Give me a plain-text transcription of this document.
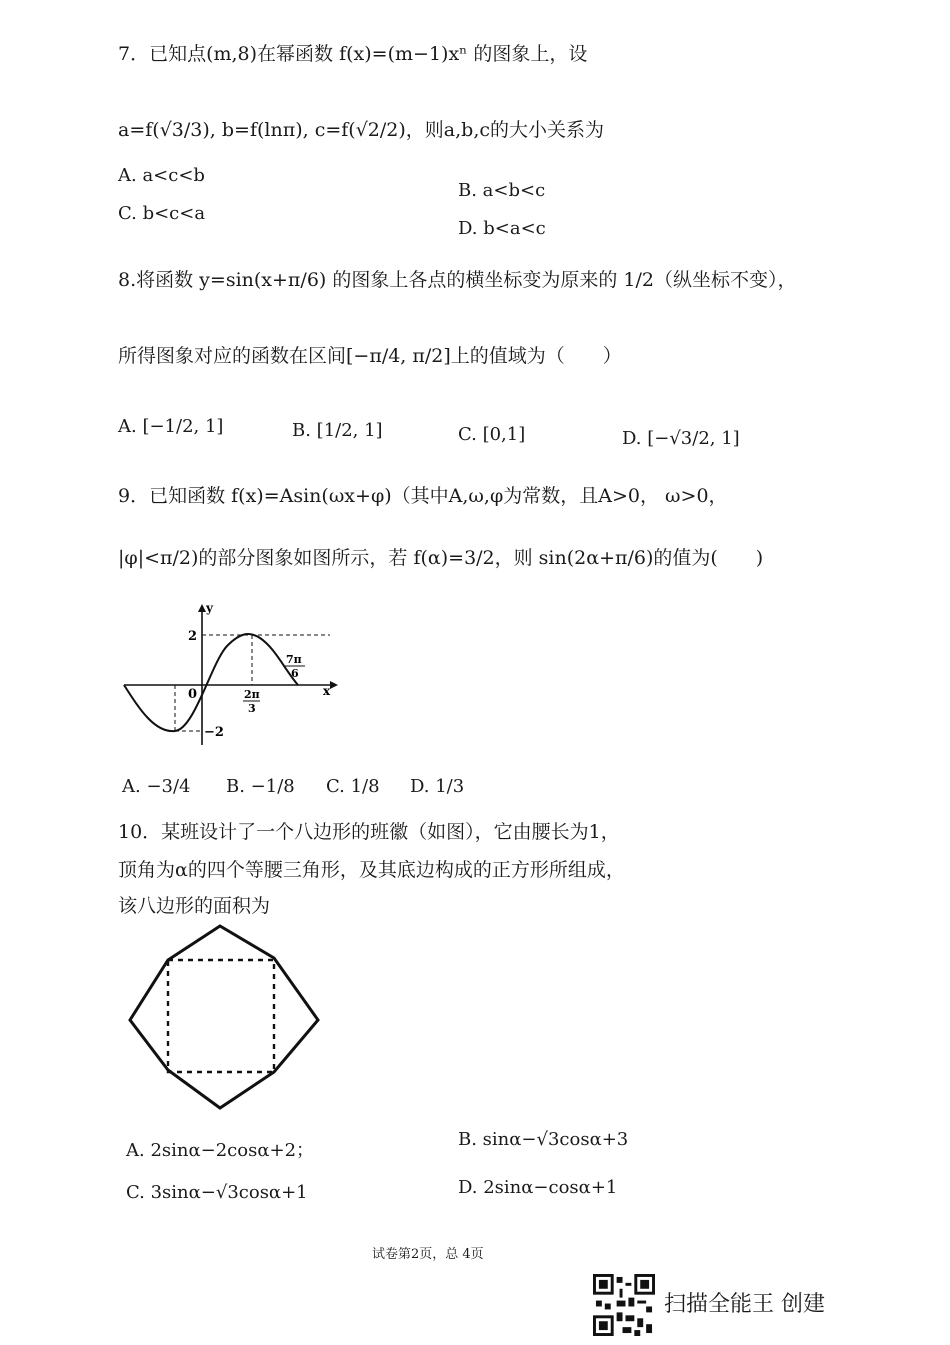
7．已知点(m,8)在幂函数 f(x)=(m−1)xⁿ 的图象上，设
a=f(√3/3), b=f(lnπ), c=f(√2/2)，则a,b,c的大小关系为
A. a<c<b
B. a<b<c
C. b<c<a
D. b<a<c
8.将函数 y=sin(x+π/6) 的图象上各点的横坐标变为原来的 1/2（纵坐标不变），
所得图象对应的函数在区间[−π/4, π/2]上的值域为（　　）
A. [−1/2, 1]	B. [1/2, 1]	C. [0,1]	D. [−√3/2, 1]
9．已知函数 f(x)=Asin(ωx+φ)（其中A,ω,φ为常数，且A>0， ω>0，
|φ|<π/2)的部分图象如图所示，若 f(α)=3/2，则 sin(2α+π/6)的值为(　　)
y
x
0
2
−2
2π
3
7π
6
A. −3/4 B. −1/8 C. 1/8 D. 1/3
10．某班设计了一个八边形的班徽（如图），它由腰长为1，
顶角为α的四个等腰三角形，及其底边构成的正方形所组成，
该八边形的面积为
A. 2sinα−2cosα+2；
B. sinα−√3cosα+3
C. 3sinα−√3cosα+1	D. 2sinα−cosα+1
试卷第2页，总 4页
扫描全能王 创建
